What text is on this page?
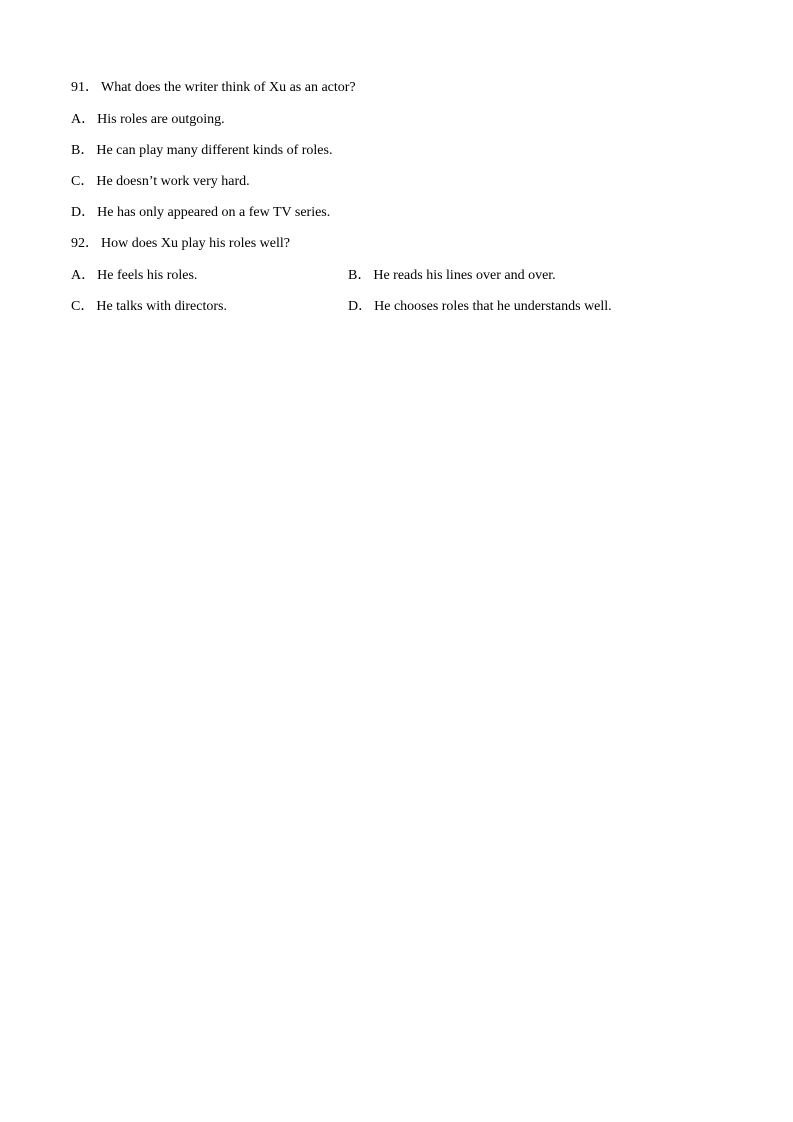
91． What does the writer think of Xu as an actor?
A． His roles are outgoing.
B． He can play many different kinds of roles.
C． He doesn’t work very hard.
D． He has only appeared on a few TV series.
92． How does Xu play his roles well?
A． He feels his roles.	B． He reads his lines over and over.
C． He talks with directors.	D． He chooses roles that he understands well.
